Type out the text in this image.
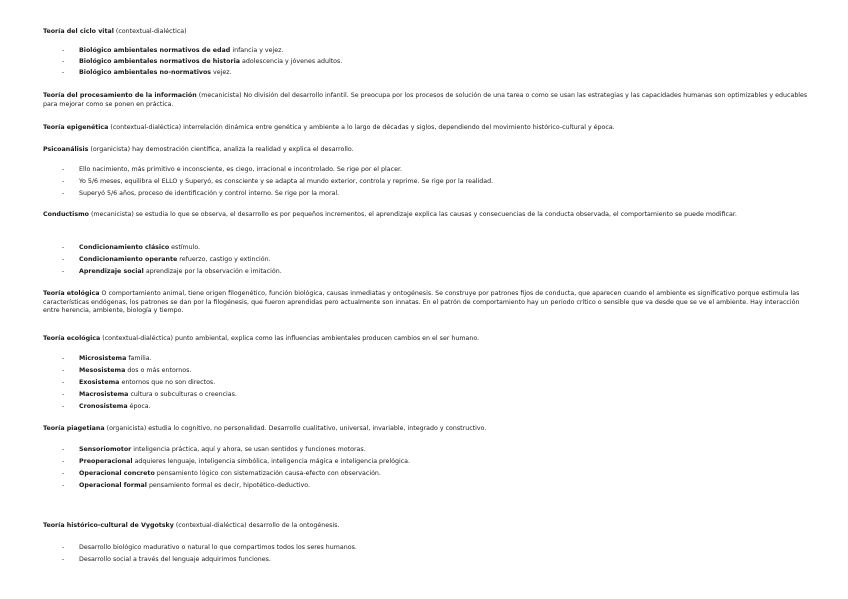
Teoría del ciclo vital (contextual-dialéctica)

- Biológico ambientales normativos de edad infancia y vejez.

- Biológico ambientales normativos de historia adolescencia y jóvenes adultos.

- Biológico ambientales no-normativos vejez.

Teoría del procesamiento de la información (mecanicista) No división del desarrollo infantil. Se preocupa por los procesos de solución de una tarea o como se usan las estrategias y las capacidades humanas son optimizables y educables para mejorar como se ponen en práctica.

Teoría epigenética (contextual-dialéctica) interrelación dinámica entre genética y ambiente a lo largo de décadas y siglos, dependiendo del movimiento histórico-cultural y época.

Psicoanálisis (organicista) hay demostración científica, analiza la realidad y explica el desarrollo.

- Ello nacimiento, más primitivo e inconsciente, es ciego, irracional e incontrolado. Se rige por el placer.

- Yo 5/6 meses, equilibra el ELLO y Superyó, es consciente y se adapta al mundo exterior, controla y reprime. Se rige por la realidad.

- Superyó 5/6 años, proceso de identificación y control interno. Se rige por la moral.

Conductismo (mecanicista) se estudia lo que se observa, el desarrollo es por pequeños incrementos, el aprendizaje explica las causas y consecuencias de la conducta observada, el comportamiento se puede modificar.

- Condicionamiento clásico estímulo.

- Condicionamiento operante refuerzo, castigo y extinción.

- Aprendizaje social aprendizaje por la observación e imitación.

Teoría etológica O comportamiento animal, tiene origen filogenético, función biológica, causas inmediatas y ontogénesis. Se construye por patrones fijos de conducta, que aparecen cuando el ambiente es significativo porque estimula las características endógenas, los patrones se dan por la filogénesis, que fueron aprendidas pero actualmente son innatas. En el patrón de comportamiento hay un periodo crítico o sensible que va desde que se ve el ambiente. Hay interacción entre herencia, ambiente, biología y tiempo.

Teoría ecológica (contextual-dialéctica) punto ambiental, explica como las influencias ambientales producen cambios en el ser humano.

- Microsistema familia.

- Mesosistema dos o más entornos.

- Exosistema entornos que no son directos.

- Macrosistema cultura o subculturas o creencias.

- Cronosistema época.

Teoría piagetiana (organicista) estudia lo cognitivo, no personalidad. Desarrollo cualitativo, universal, invariable, integrado y constructivo.

- Sensoriomotor inteligencia práctica, aquí y ahora, se usan sentidos y funciones motoras.

- Preoperacional adquieres lenguaje, inteligencia simbólica, inteligencia mágica e inteligencia prelógica.

- Operacional concreto pensamiento lógico con sistematización causa-efecto con observación.

- Operacional formal pensamiento formal es decir, hipotético-deductivo.

Teoría histórico-cultural de Vygotsky (contextual-dialéctica) desarrollo de la ontogénesis.

- Desarrollo biológico madurativo o natural lo que compartimos todos los seres humanos.

- Desarrollo social a través del lenguaje adquirimos funciones.
